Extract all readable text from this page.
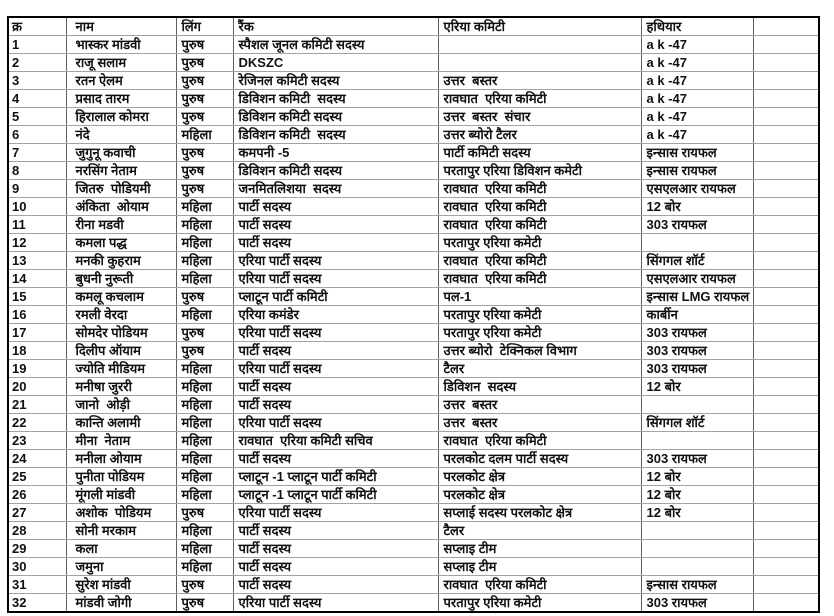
क्र	नाम	लिंग	रैंक	एरिया कमिटी	हथियार	
1	भास्कर मांडवी	पुरुष	स्पैशल जूनल कमिटी सदस्य		a k -47	
2	राजू सलाम	पुरुष	DKSZC		a k -47	
3	रतन ऐलम	पुरुष	रेजिनल कमिटी सदस्य	उत्तर  बस्तर	a k -47	
4	प्रसाद तारम	पुरुष	डिविशन कमिटी  सदस्य	रावघात  एरिया कमिटी	a k -47	
5	हिरालाल कोमरा	पुरुष	डिविशन कमिटी सदस्य	उत्तर  बस्तर  संचार	a k -47	
6	नंदे	महिला	डिविशन कमिटी  सदस्य	उत्तर ब्योरो टैलर	a k -47	
7	जुगुनू कवाची	पुरुष	कमपनी -5	पार्टी कमिटी सदस्य	इन्सास रायफल	
8	नरसिंग नेताम	पुरुष	डिविशन कमिटी सदस्य	परतापुर एरिया डिविशन कमेटी	इन्सास रायफल	
9	जितरु  पोडियमी	पुरुष	जनमितलिशया  सदस्य	रावघात  एरिया कमिटी	एसएलआर रायफल	
10	अंकिता  ओयाम	महिला	पार्टी सदस्य	रावघात  एरिया कमिटी	12 बोर	
11	रीना मडवी	महिला	पार्टी सदस्य	रावघात  एरिया कमिटी	303 रायफल	
12	कमला पद्ध	महिला	पार्टी सदस्य	परतापुर एरिया कमेटी		
13	मनकी कुहराम	महिला	एरिया पार्टी सदस्य	रावघात  एरिया कमिटी	सिंगगल शॉर्ट	
14	बुधनी नुरूती	महिला	एरिया पार्टी सदस्य	रावघात  एरिया कमिटी	एसएलआर रायफल	
15	कमलू कचलाम	पुरुष	प्लाटून पार्टी कमिटी	पल-1	इन्सास LMG रायफल	
16	रमली वेरदा	महिला	एरिया कमंडेर	परतापुर एरिया कमेटी	कार्बीन	
17	सोमदेर पोडियम	पुरुष	एरिया पार्टी सदस्य	परतापुर एरिया कमेटी	303 रायफल	
18	दिलीप ऑयाम	पुरुष	पार्टी सदस्य	उत्तर ब्योरो  टेक्निकल विभाग	303 रायफल	
19	ज्योति मीडियम	महिला	एरिया पार्टी सदस्य	टैलर	303 रायफल	
20	मनीषा जुररी	महिला	पार्टी सदस्य	डिविशन  सदस्य	12 बोर	
21	जानो  ओड़ी	महिला	पार्टी सदस्य	उत्तर  बस्तर		
22	कान्ति अलामी	महिला	एरिया पार्टी सदस्य	उत्तर  बस्तर	सिंगगल शॉर्ट	
23	मीना  नेताम	महिला	रावघात  एरिया कमिटी सचिव	रावघात  एरिया कमिटी		
24	मनीला ओयाम	महिला	पार्टी सदस्य	परलकोट दलम पार्टी सदस्य	303 रायफल	
25	पुनीता पोडियम	महिला	प्लाटून -1 प्लाटून पार्टी कमिटी	परलकोट क्षेत्र	12 बोर	
26	मूंगली मांडवी	महिला	प्लाटून -1 प्लाटून पार्टी कमिटी	परलकोट क्षेत्र	12 बोर	
27	अशोक  पोडियम	पुरुष	एरिया पार्टी सदस्य	सप्लाई सदस्य परलकोट क्षेत्र	12 बोर	
28	सोनी मरकाम	महिला	पार्टी सदस्य	टैलर		
29	कला	महिला	पार्टी सदस्य	सप्लाइ टीम		
30	जमुना	महिला	पार्टी सदस्य	सप्लाइ टीम		
31	सुरेश मांडवी	पुरुष	पार्टी सदस्य	रावघात  एरिया कमिटी	इन्सास रायफल	
32	मांडवी जोगी	पुरुष	एरिया पार्टी सदस्य	परतापुर एरिया कमेटी	303 रायफल	
